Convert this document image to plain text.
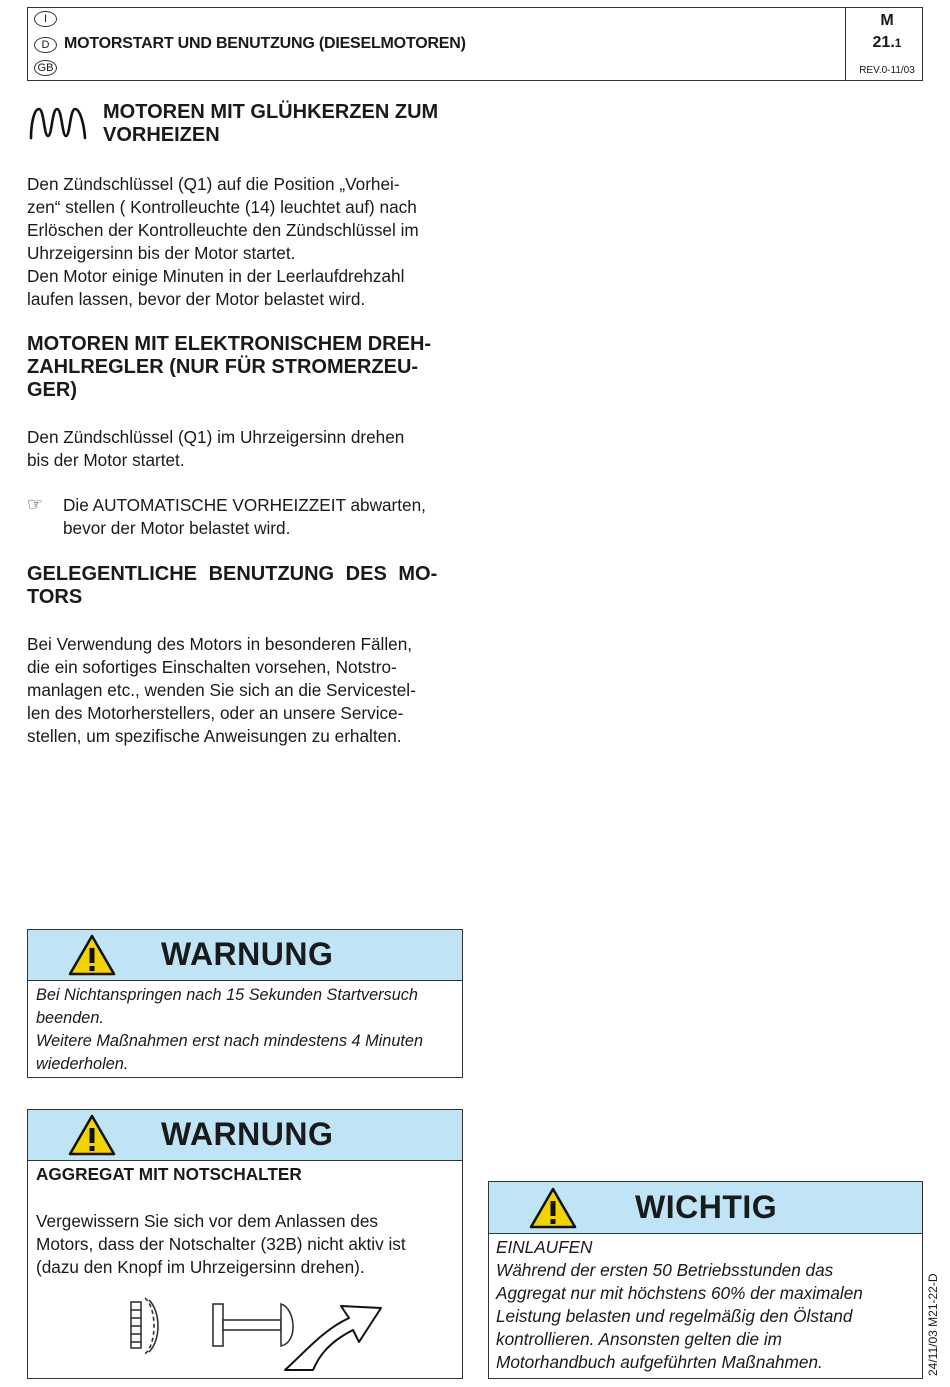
I
D
GB
MOTORSTART UND BENUTZUNG (DIESELMOTOREN)
M
21.1
REV.0-11/03
MOTOREN MIT GLÜHKERZEN ZUM
VORHEIZEN
Den Zündschlüssel (Q1) auf die Position „Vorhei-
zen“ stellen ( Kontrolleuchte (14) leuchtet auf) nach
Erlöschen der Kontrolleuchte den Zündschlüssel im
Uhrzeigersinn bis der Motor startet.
Den Motor einige Minuten in der Leerlaufdrehzahl
laufen lassen, bevor der Motor belastet wird.
MOTOREN MIT ELEKTRONISCHEM DREH-
ZAHLREGLER (NUR FÜR STROMERZEU-
GER)
Den Zündschlüssel (Q1) im Uhrzeigersinn drehen
bis der Motor startet.
☞ Die AUTOMATISCHE VORHEIZZEIT abwarten,
bevor der Motor belastet wird.
GELEGENTLICHE BENUTZUNG DES MO-
TORS
Bei Verwendung des Motors in besonderen Fällen,
die ein sofortiges Einschalten vorsehen, Notstro-
manlagen etc., wenden Sie sich an die Servicestel-
len des Motorherstellers, oder an unsere Service-
stellen, um spezifische Anweisungen zu erhalten.
WARNUNG
Bei Nichtanspringen nach 15 Sekunden Startversuch
beenden.
Weitere Maßnahmen erst nach mindestens 4 Minuten
wiederholen.
WARNUNG
AGGREGAT MIT NOTSCHALTER
Vergewissern Sie sich vor dem Anlassen des
Motors, dass der Notschalter (32B) nicht aktiv ist
(dazu den Knopf im Uhrzeigersinn drehen).
WICHTIG
EINLAUFEN
Während der ersten 50 Betriebsstunden das
Aggregat nur mit höchstens 60% der maximalen
Leistung belasten und regelmäßig den Ölstand
kontrollieren. Ansonsten gelten die im
Motorhandbuch aufgeführten Maßnahmen.	24/11/03 M21-22-D
